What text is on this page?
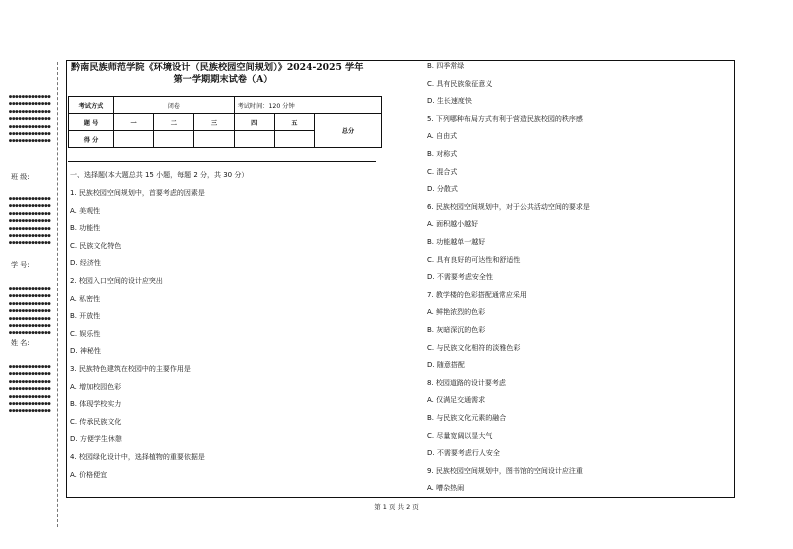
●●●●●●●●●●●●●
●●●●●●●●●●●●●
●●●●●●●●●●●●●
●●●●●●●●●●●●●
●●●●●●●●●●●●●
●●●●●●●●●●●●●
●●●●●●●●●●●●●
班 级:
●●●●●●●●●●●●●
●●●●●●●●●●●●●
●●●●●●●●●●●●●
●●●●●●●●●●●●●
●●●●●●●●●●●●●
●●●●●●●●●●●●●
●●●●●●●●●●●●●
学 号:
●●●●●●●●●●●●●
●●●●●●●●●●●●●
●●●●●●●●●●●●●
●●●●●●●●●●●●●
●●●●●●●●●●●●●
●●●●●●●●●●●●●
●●●●●●●●●●●●●
姓 名:
●●●●●●●●●●●●●
●●●●●●●●●●●●●
●●●●●●●●●●●●●
●●●●●●●●●●●●●
●●●●●●●●●●●●●
●●●●●●●●●●●●●
●●●●●●●●●●●●●
黔南民族师范学院《环境设计（民族校园空间规划）》2024-2025 学年
第一学期期末试卷（A）
考试方式	闭卷			考试时间：120 分钟		
题 号	一	二	三	四	五	总分
得 分						
一、选择题(本大题总共 15 小题，每题 2 分，共 30 分）
1. 民族校园空间规划中，首要考虑的因素是
A. 美观性
B. 功能性
C. 民族文化特色
D. 经济性
2. 校园入口空间的设计应突出
A. 私密性
B. 开放性
C. 娱乐性
D. 神秘性
3. 民族特色建筑在校园中的主要作用是
A. 增加校园色彩
B. 体现学校实力
C. 传承民族文化
D. 方便学生休憩
4. 校园绿化设计中，选择植物的重要依据是
A. 价格便宜
B. 四季常绿
C. 具有民族象征意义
D. 生长速度快
5. 下列哪种布局方式有利于营造民族校园的秩序感
A. 自由式
B. 对称式
C. 混合式
D. 分散式
6. 民族校园空间规划中，对于公共活动空间的要求是
A. 面积越小越好
B. 功能越单一越好
C. 具有良好的可达性和舒适性
D. 不需要考虑安全性
7. 教学楼的色彩搭配通常应采用
A. 鲜艳浓烈的色彩
B. 灰暗深沉的色彩
C. 与民族文化相符的淡雅色彩
D. 随意搭配
8. 校园道路的设计要考虑
A. 仅满足交通需求
B. 与民族文化元素的融合
C. 尽量宽阔以显大气
D. 不需要考虑行人安全
9. 民族校园空间规划中，图书馆的空间设计应注重
A. 嘈杂热闹
第 1 页 共 2 页
